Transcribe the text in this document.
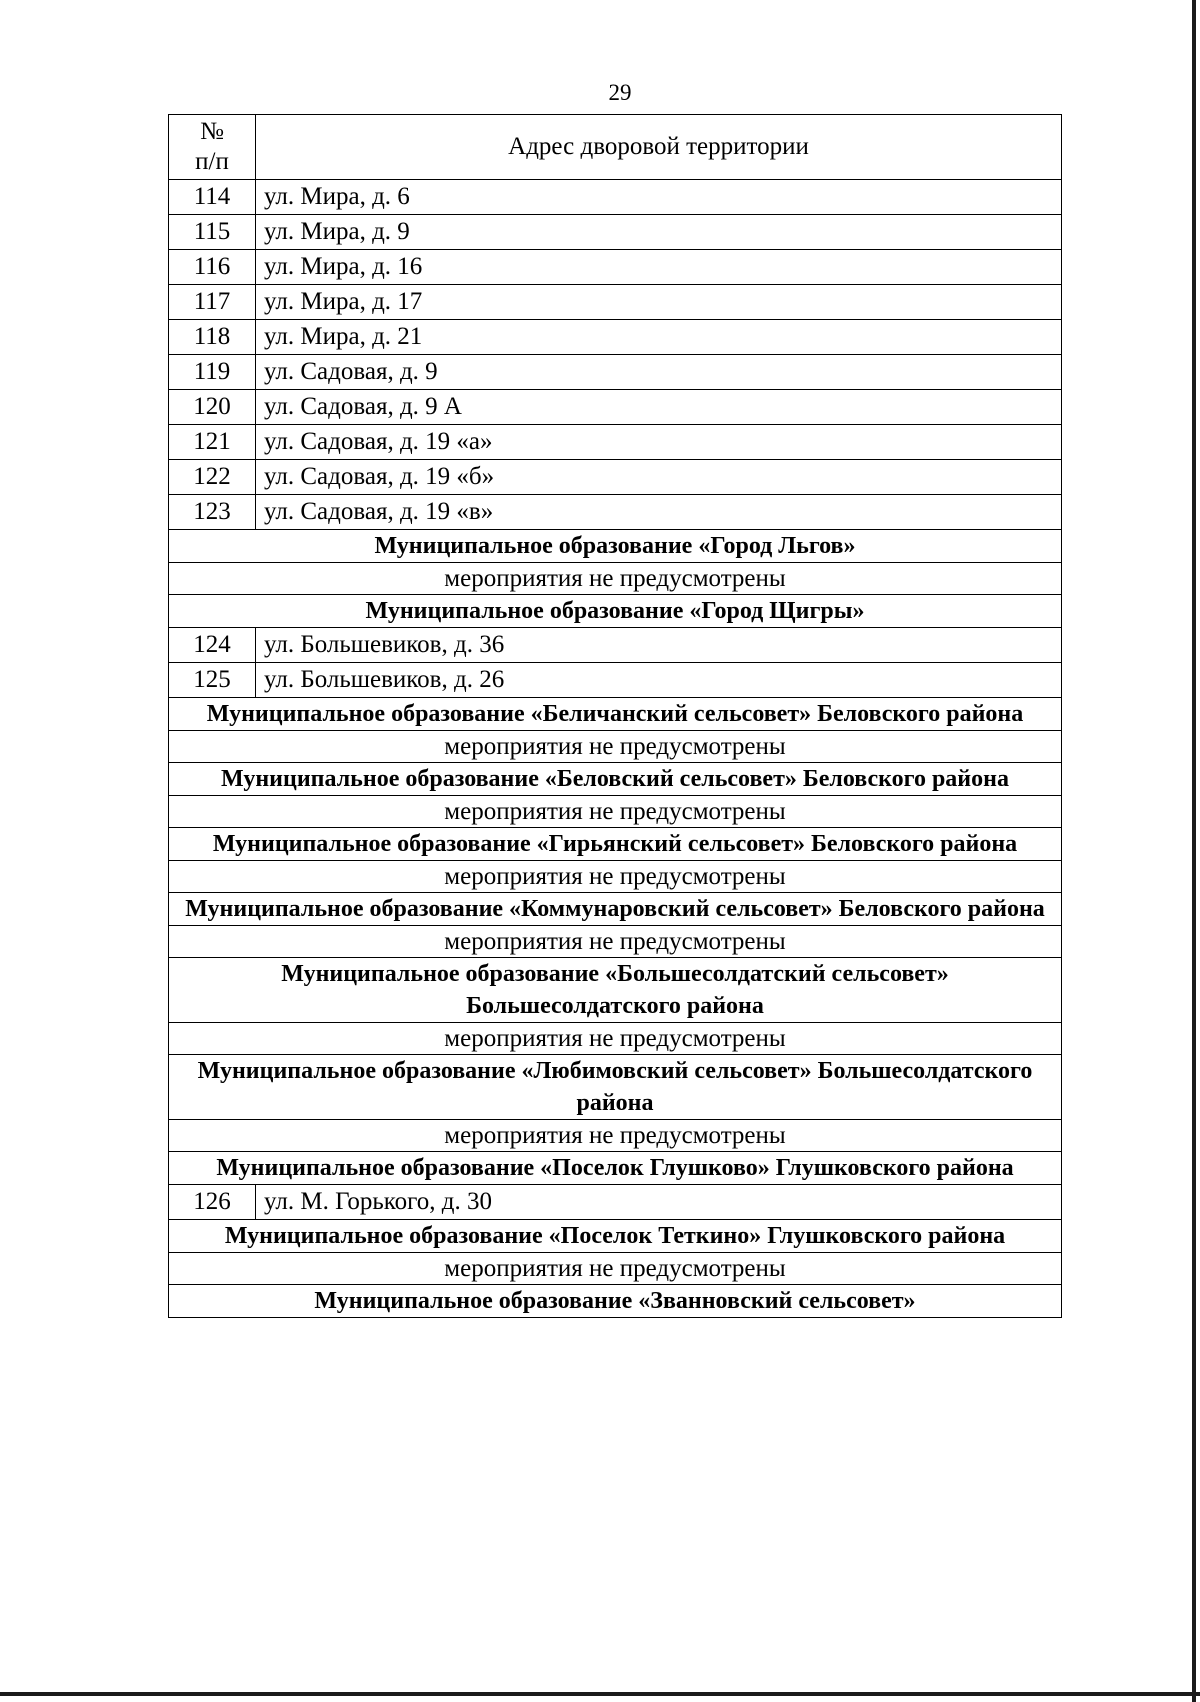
29
№
п/п	Адрес дворовой территории
114	ул. Мира, д. 6
115	ул. Мира, д. 9
116	ул. Мира, д. 16
117	ул. Мира, д. 17
118	ул. Мира, д. 21
119	ул. Садовая, д. 9
120	ул. Садовая, д. 9 А
121	ул. Садовая, д. 19 «а»
122	ул. Садовая, д. 19 «б»
123	ул. Садовая, д. 19 «в»
Муниципальное образование «Город Льгов»	
мероприятия не предусмотрены	
Муниципальное образование «Город Щигры»	
124	ул. Большевиков, д. 36
125	ул. Большевиков, д. 26
Муниципальное образование «Беличанский сельсовет» Беловского района	
мероприятия не предусмотрены	
Муниципальное образование «Беловский сельсовет» Беловского района	
мероприятия не предусмотрены	
Муниципальное образование «Гирьянский сельсовет» Беловского района	
мероприятия не предусмотрены	
Муниципальное образование «Коммунаровский сельсовет» Беловского района	
мероприятия не предусмотрены	
Муниципальное образование «Большесолдатский сельсовет» Большесолдатского района	
мероприятия не предусмотрены	
Муниципальное образование «Любимовский сельсовет» Большесолдатского района	
мероприятия не предусмотрены	
Муниципальное образование «Поселок Глушково» Глушковского района	
126	ул. М. Горького, д. 30
Муниципальное образование «Поселок Теткино» Глушковского района	
мероприятия не предусмотрены	
Муниципальное образование «Званновский сельсовет»	
